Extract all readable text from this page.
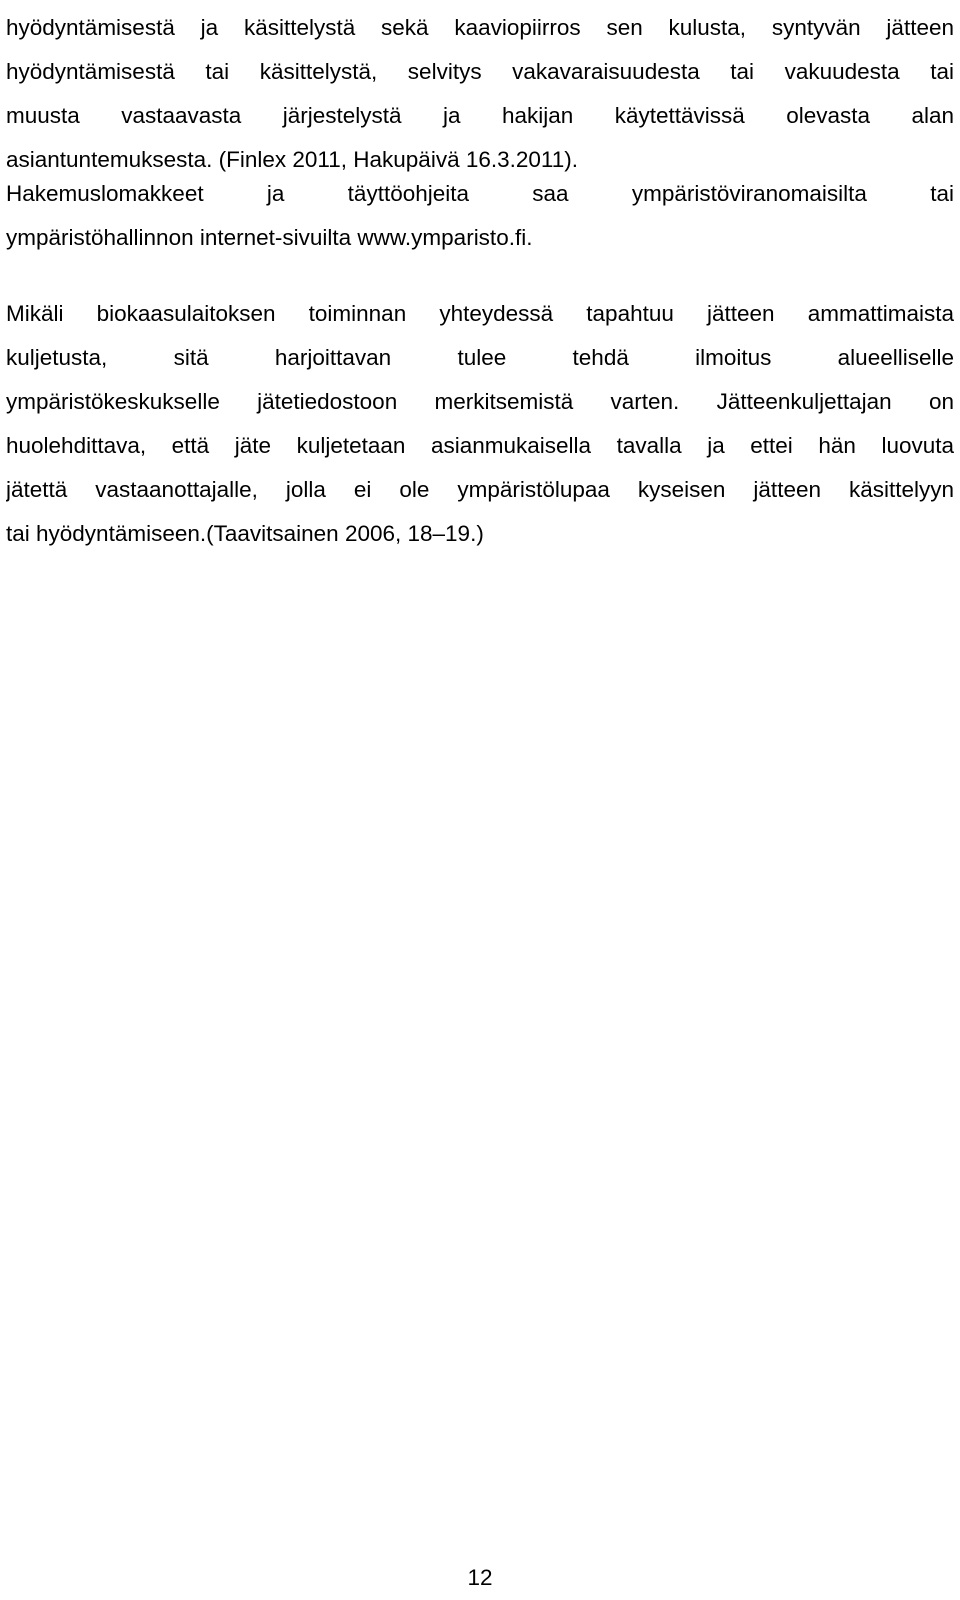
hyödyntämisestä ja käsittelystä sekä kaaviopiirros sen kulusta, syntyvän jätteen
hyödyntämisestä tai käsittelystä, selvitys vakavaraisuudesta tai vakuudesta tai
muusta vastaavasta järjestelystä ja hakijan käytettävissä olevasta alan
asiantuntemuksesta. (Finlex 2011, Hakupäivä 16.3.2011).
Hakemuslomakkeet ja täyttöohjeita saa ympäristöviranomaisilta tai
ympäristöhallinnon internet-sivuilta www.ymparisto.fi.
Mikäli biokaasulaitoksen toiminnan yhteydessä tapahtuu jätteen ammattimaista
kuljetusta, sitä harjoittavan tulee tehdä ilmoitus alueelliselle
ympäristökeskukselle jätetiedostoon merkitsemistä varten. Jätteenkuljettajan on
huolehdittava, että jäte kuljetetaan asianmukaisella tavalla ja ettei hän luovuta
jätettä vastaanottajalle, jolla ei ole ympäristölupaa kyseisen jätteen käsittelyyn
tai hyödyntämiseen.(Taavitsainen 2006, 18–19.)
12
